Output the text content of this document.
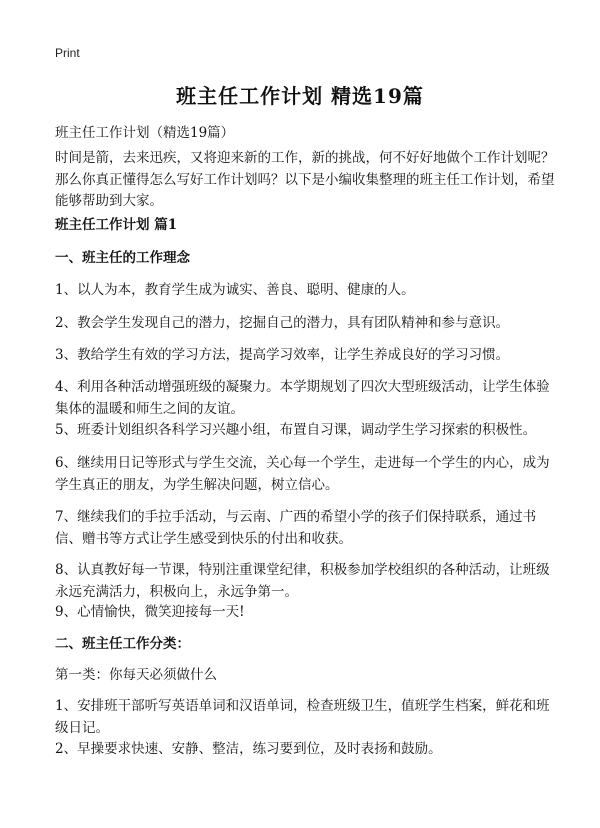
Print
班主任工作计划 精选19篇
班主任工作计划（精选19篇）

时间是箭，去来迅疾，又将迎来新的工作，新的挑战，何不好好地做个工作计划呢？那么你真正懂得怎么写好工作计划吗？以下是小编收集整理的班主任工作计划，希望能够帮助到大家。

班主任工作计划 篇1

一、班主任的工作理念

1、以人为本，教育学生成为诚实、善良、聪明、健康的人。

2、教会学生发现自己的潜力，挖掘自己的潜力，具有团队精神和参与意识。

3、教给学生有效的学习方法，提高学习效率，让学生养成良好的学习习惯。

4、利用各种活动增强班级的凝聚力。本学期规划了四次大型班级活动，让学生体验集体的温暖和师生之间的友谊。

5、班委计划组织各科学习兴趣小组，布置自习课，调动学生学习探索的积极性。

6、继续用日记等形式与学生交流，关心每一个学生，走进每一个学生的内心，成为学生真正的朋友，为学生解决问题，树立信心。

7、继续我们的手拉手活动，与云南、广西的希望小学的孩子们保持联系，通过书信、赠书等方式让学生感受到快乐的付出和收获。

8、认真教好每一节课，特别注重课堂纪律，积极参加学校组织的各种活动，让班级永远充满活力，积极向上，永远争第一。

9、心情愉快，微笑迎接每一天!

二、班主任工作分类：

第一类：你每天必须做什么

1、安排班干部听写英语单词和汉语单词，检查班级卫生，值班学生档案，鲜花和班级日记。

2、早操要求快速、安静、整洁，练习要到位，及时表扬和鼓励。
